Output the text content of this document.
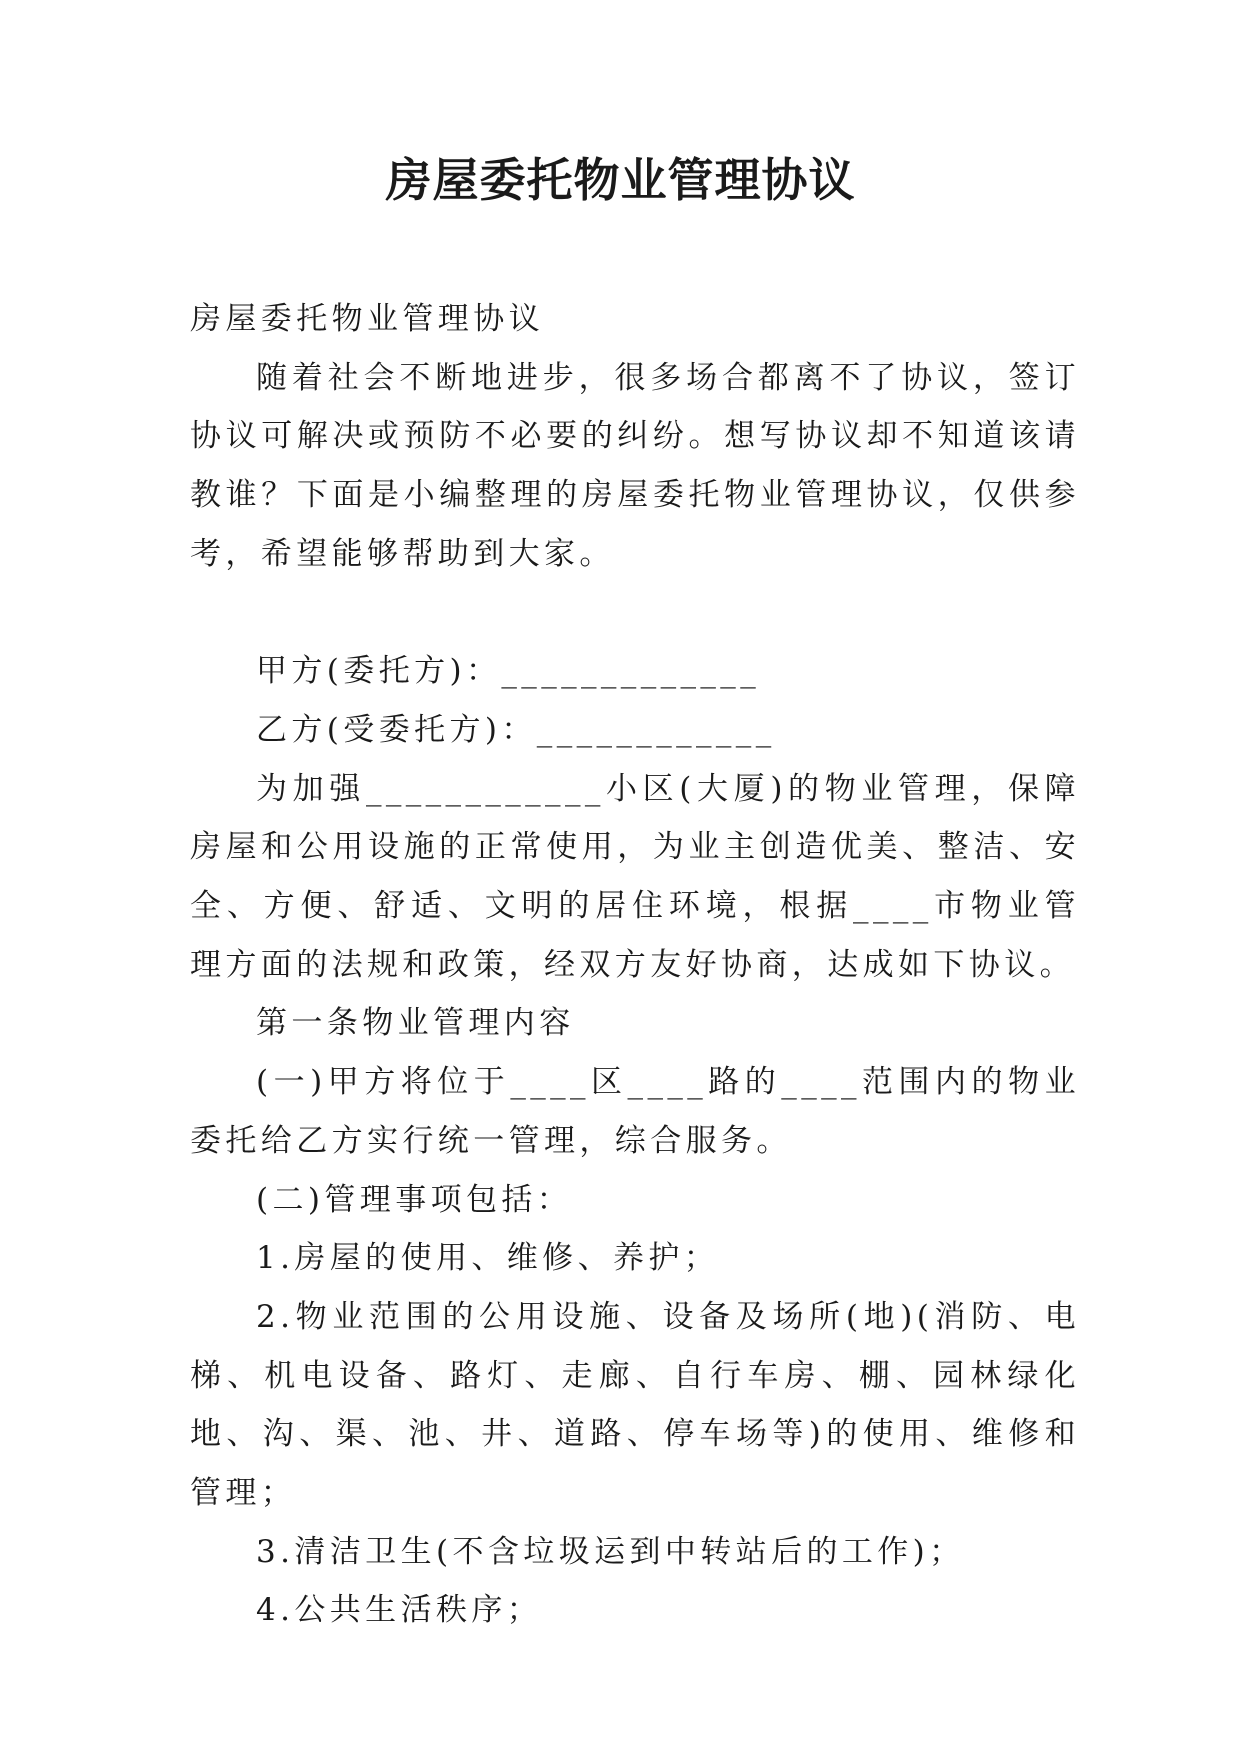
房屋委托物业管理协议

房屋委托物业管理协议

随着社会不断地进步，很多场合都离不了协议，签订协议可解决或预防不必要的纠纷。想写协议却不知道该请教谁？下面是小编整理的房屋委托物业管理协议，仅供参考，希望能够帮助到大家。

甲方(委托方)：_____________

乙方(受委托方)：____________

为加强____________小区(大厦)的物业管理，保障房屋和公用设施的正常使用，为业主创造优美、整洁、安全、方便、舒适、文明的居住环境，根据____市物业管理方面的法规和政策，经双方友好协商，达成如下协议。

第一条物业管理内容

(一)甲方将位于____区____路的____范围内的物业委托给乙方实行统一管理，综合服务。

(二)管理事项包括：

1.房屋的使用、维修、养护；

2.物业范围的公用设施、设备及场所(地)(消防、电梯、机电设备、路灯、走廊、自行车房、棚、园林绿化地、沟、渠、池、井、道路、停车场等)的使用、维修和管理；

3.清洁卫生(不含垃圾运到中转站后的工作)；

4.公共生活秩序；
